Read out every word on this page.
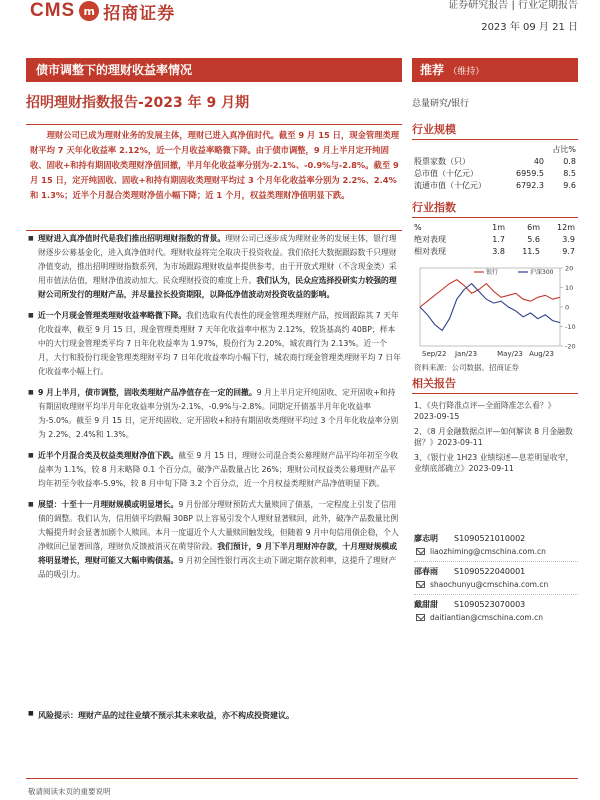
CMS m 招商证券	证券研究报告 | 行业定期报告
2023 年 09 月 21 日
债市调整下的理财收益率情况	推荐 （维持）
招明理财指数报告-2023 年 9 月期	总量研究/银行
理财公司已成为理财业务的发展主体，理财已进入真净值时代。截至 9 月 15 日，现金管理类理财平均 7 天年化收益率 2.12%，近一个月收益率略微下降。由于债市调整，9 月上半月定开纯固收、固收+和持有期固收类理财净值回撤，半月年化收益率分别为-2.1%、-0.9%与-2.8%。截至 9 月 15 日，定开纯固收、固收+和持有期固收类理财平均过 3 个月年化收益率分别为 2.2%、2.4%和 1.3%；近半个月混合类理财净值小幅下降；近 1 个月，权益类理财净值明显下跌。
■ 理财进入真净值时代是我们推出招明理财指数的背景。理财公司已逐步成为理财业务的发展主体，银行理财逐步公募基金化，进入真净值时代。理财收益将完全取决于投资收益。我们依托大数据跟踪数千只理财净值变动，推出招明理财指数系列，为市场跟踪理财收益率提供参考，由于开放式理财（不含现金类）采用市值法估值，理财净值波动加大。民众理财投资的难度上升。我们认为，民众应选择投研实力较强的理财公司所发行的理财产品，并尽量拉长投资期限，以降低净值波动对投资收益的影响。
■ 近一个月现金管理类理财收益率略微下降。我们选取有代表性的现金管理类理财产品，按周跟踪其 7 天年化收益率，截至 9 月 15 日，现金管理类理财 7 天年化收益率中枢为 2.12%，较货基高约 40BP；样本中的大行现金管理类平均 7 日年化收益率为 1.97%，股份行为 2.20%，城农商行为 2.13%。近一个月，大行和股份行现金管理类理财平均 7 日年化收益率均小幅下行，城农商行现金管理类理财平均 7 日年化收益率小幅上行。
■ 9 月上半月，债市调整，固收类理财产品净值存在一定的回撤。9 月上半月定开纯固收、定开固收+和持有期固收理财平均半月年化收益率分别为-2.1%、-0.9%与-2.8%。同期定开债基半月年化收益率为-5.0%。截至 9 月 15 日，定开纯固收、定开固收+和持有期固收类理财平均过 3 个月年化收益率分别为 2.2%、2.4%和 1.3%。
■ 近半个月混合类及权益类理财净值下跌。截至 9 月 15 日，理财公司混合类公募理财产品平均年初至今收益率为 1.1%，较 8 月末略降 0.1 个百分点，破净产品数量占比 26%；理财公司权益类公募理财产品平均年初至今收益率-5.9%，较 8 月中旬下降 3.2 个百分点，近一个月权益类理财产品净值明显下跌。
■ 展望：十至十一月理财规模或明显增长。9 月份部分理财预防式大量赎回了债基，一定程度上引发了信用债的调整。我们认为，信用债平均跌幅 30BP 以上容易引发个人理财显著赎回，此外，破净产品数量比例大幅提升时会显著加剧个人赎回。本月一度逼近个人大量赎回触发线，但随着 9 月中旬信用债企稳，个人净赎回已显著回落，理财负反馈被消灭在萌芽阶段。我们预计，9 月下半月理财冲存款，十月理财规模或将明显增长，理财可能又大幅申购债基。9 月初全国性银行再次主动下调定期存款利率，这提升了理财产品的吸引力。
■ 风险提示：理财产品的过往业绩不预示其未来收益，亦不构成投资建议。
行业规模
占比%
股票家数（只）	40	0.8
总市值（十亿元）	6959.5	8.5
流通市值（十亿元）	6792.3	9.6
行业指数
%	1m	6m	12m
绝对表现	1.7	5.6	3.9
相对表现	3.8	11.5	9.7
20
10
0
-10
-20
Sep/22 Jan/23	May/23 Aug/23
银行	沪深300
资料来源：公司数据、招商证券
相关报告
1、《央行降准点评—全面降准怎么看？》2023-09-15
2、《8 月金融数据点评—如何解读 8 月金融数据？》2023-09-11
3、《银行业 1H23 业绩综述—息差明显收窄，业绩底部确立》2023-09-11
廖志明	S1090521010002
liaozhiming@cmschina.com.cn
邵春雨	S1090522040001
shaochunyu@cmschina.com.cn
戴甜甜	S1090523070003
daitiantian@cmschina.com.cn
敬请阅读末页的重要说明
